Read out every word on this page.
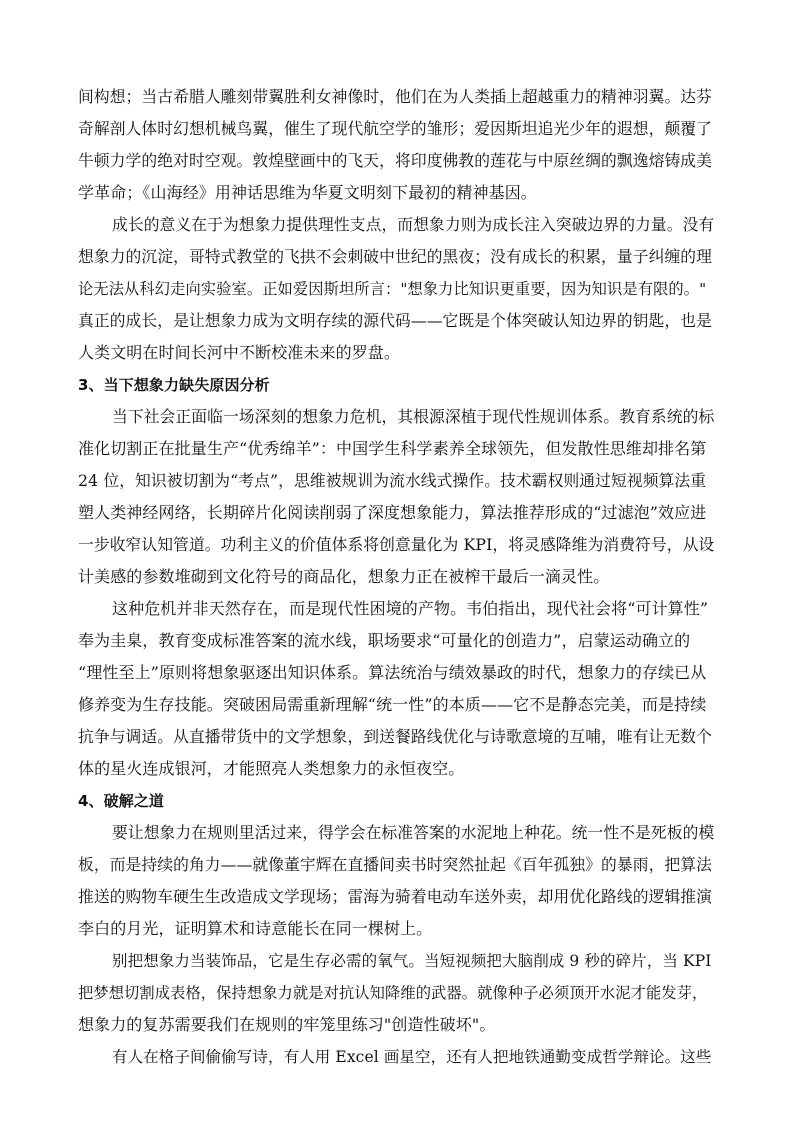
间构想；当古希腊人雕刻带翼胜利女神像时，他们在为人类插上超越重力的精神羽翼。达芬
奇解剖人体时幻想机械鸟翼，催生了现代航空学的雏形；爱因斯坦追光少年的遐想，颠覆了
牛顿力学的绝对时空观。敦煌壁画中的飞天，将印度佛教的莲花与中原丝绸的飘逸熔铸成美
学革命；《山海经》用神话思维为华夏文明刻下最初的精神基因。
成长的意义在于为想象力提供理性支点，而想象力则为成长注入突破边界的力量。没有
想象力的沉淀，哥特式教堂的飞拱不会刺破中世纪的黑夜；没有成长的积累，量子纠缠的理
论无法从科幻走向实验室。正如爱因斯坦所言："想象力比知识更重要，因为知识是有限的。"
真正的成长，是让想象力成为文明存续的源代码——它既是个体突破认知边界的钥匙，也是
人类文明在时间长河中不断校准未来的罗盘。
3、当下想象力缺失原因分析
当下社会正面临一场深刻的想象力危机，其根源深植于现代性规训体系。教育系统的标
准化切割正在批量生产“优秀绵羊”：中国学生科学素养全球领先，但发散性思维却排名第
24 位，知识被切割为“考点”，思维被规训为流水线式操作。技术霸权则通过短视频算法重
塑人类神经网络，长期碎片化阅读削弱了深度想象能力，算法推荐形成的“过滤泡”效应进
一步收窄认知管道。功利主义的价值体系将创意量化为 KPI，将灵感降维为消费符号，从设
计美感的参数堆砌到文化符号的商品化，想象力正在被榨干最后一滴灵性。
这种危机并非天然存在，而是现代性困境的产物。韦伯指出，现代社会将“可计算性”
奉为圭臬，教育变成标准答案的流水线，职场要求“可量化的创造力”，启蒙运动确立的
“理性至上”原则将想象驱逐出知识体系。算法统治与绩效暴政的时代，想象力的存续已从
修养变为生存技能。突破困局需重新理解“统一性”的本质——它不是静态完美，而是持续
抗争与调适。从直播带货中的文学想象，到送餐路线优化与诗歌意境的互哺，唯有让无数个
体的星火连成银河，才能照亮人类想象力的永恒夜空。
4、破解之道
要让想象力在规则里活过来，得学会在标准答案的水泥地上种花。统一性不是死板的模
板，而是持续的角力——就像董宇辉在直播间卖书时突然扯起《百年孤独》的暴雨，把算法
推送的购物车硬生生改造成文学现场；雷海为骑着电动车送外卖，却用优化路线的逻辑推演
李白的月光，证明算术和诗意能长在同一棵树上。
别把想象力当装饰品，它是生存必需的氧气。当短视频把大脑削成 9 秒的碎片，当 KPI
把梦想切割成表格，保持想象力就是对抗认知降维的武器。就像种子必须顶开水泥才能发芽，
想象力的复苏需要我们在规则的牢笼里练习"创造性破坏"。
有人在格子间偷偷写诗，有人用 Excel 画星空，还有人把地铁通勤变成哲学辩论。这些
